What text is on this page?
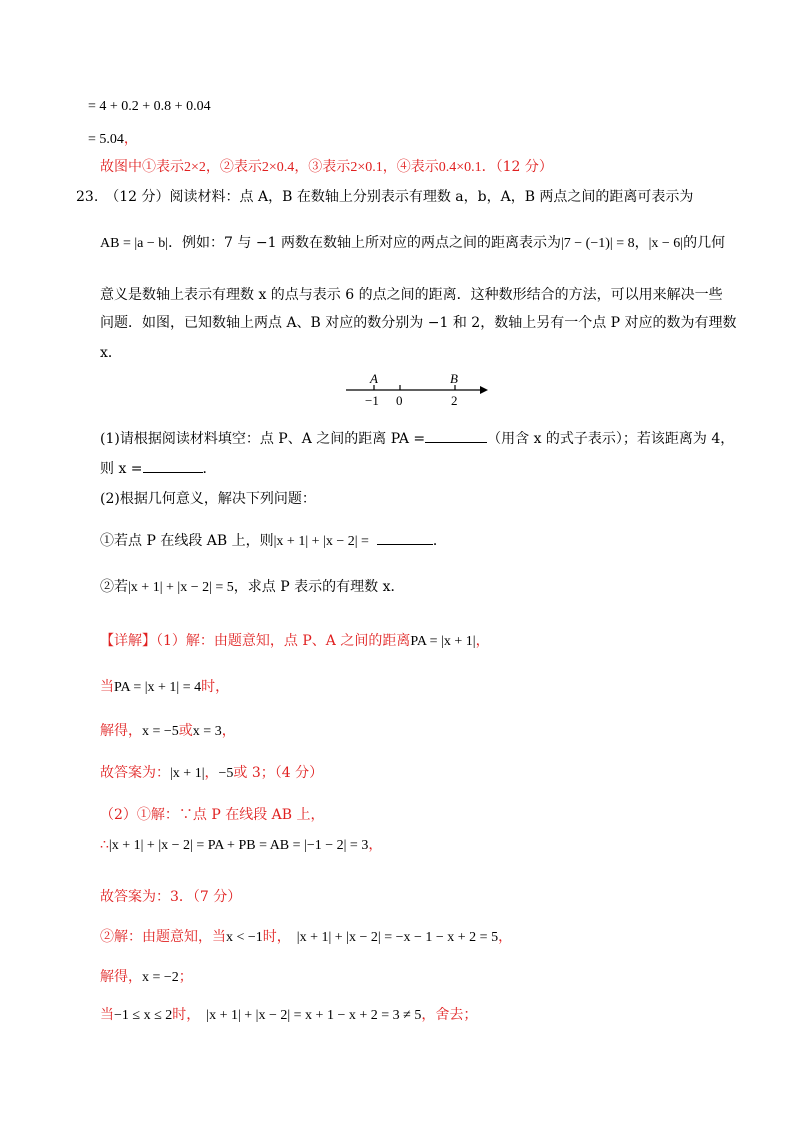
= 4 + 0.2 + 0.8 + 0.04
= 5.04，
故图中①表示2×2，②表示2×0.4，③表示2×0.1，④表示0.4×0.1．（12 分）
23.　（12 分）阅读材料：点 A，B 在数轴上分别表示有理数 a，b，A，B 两点之间的距离可表示为
AB = |a − b|．例如：7 与 −1 两数在数轴上所对应的两点之间的距离表示为|7 − (−1)| = 8，|x − 6|的几何
意义是数轴上表示有理数 x 的点与表示 6 的点之间的距离．这种数形结合的方法，可以用来解决一些
问题．如图，已知数轴上两点 A、B 对应的数分别为 −1 和 2，数轴上另有一个点 P 对应的数为有理数
x．
A	B
−1 0	2
(1)请根据阅读材料填空：点 P、A 之间的距离 PA =	（用含 x 的式子表示）；若该距离为 4，
则 x =	．
(2)根据几何意义，解决下列问题：
①若点 P 在线段 AB 上，则|x + 1| + |x − 2| =	．
②若|x + 1| + |x − 2| = 5，求点 P 表示的有理数 x．
【详解】（1）解：由题意知，点 P、A 之间的距离PA = |x + 1|，
当PA = |x + 1| = 4时，
解得，x = −5或x = 3，
故答案为：|x + 1|，−5或 3；（4 分）
（2）①解：∵点 P 在线段 AB 上，
∴|x + 1| + |x − 2| = PA + PB = AB = |−1 − 2| = 3，
故答案为：3．（7 分）
②解：由题意知，当x < −1时， |x + 1| + |x − 2| = −x − 1 − x + 2 = 5，
解得，x = −2；
当−1 ≤ x ≤ 2时， |x + 1| + |x − 2| = x + 1 − x + 2 = 3 ≠ 5，舍去；
